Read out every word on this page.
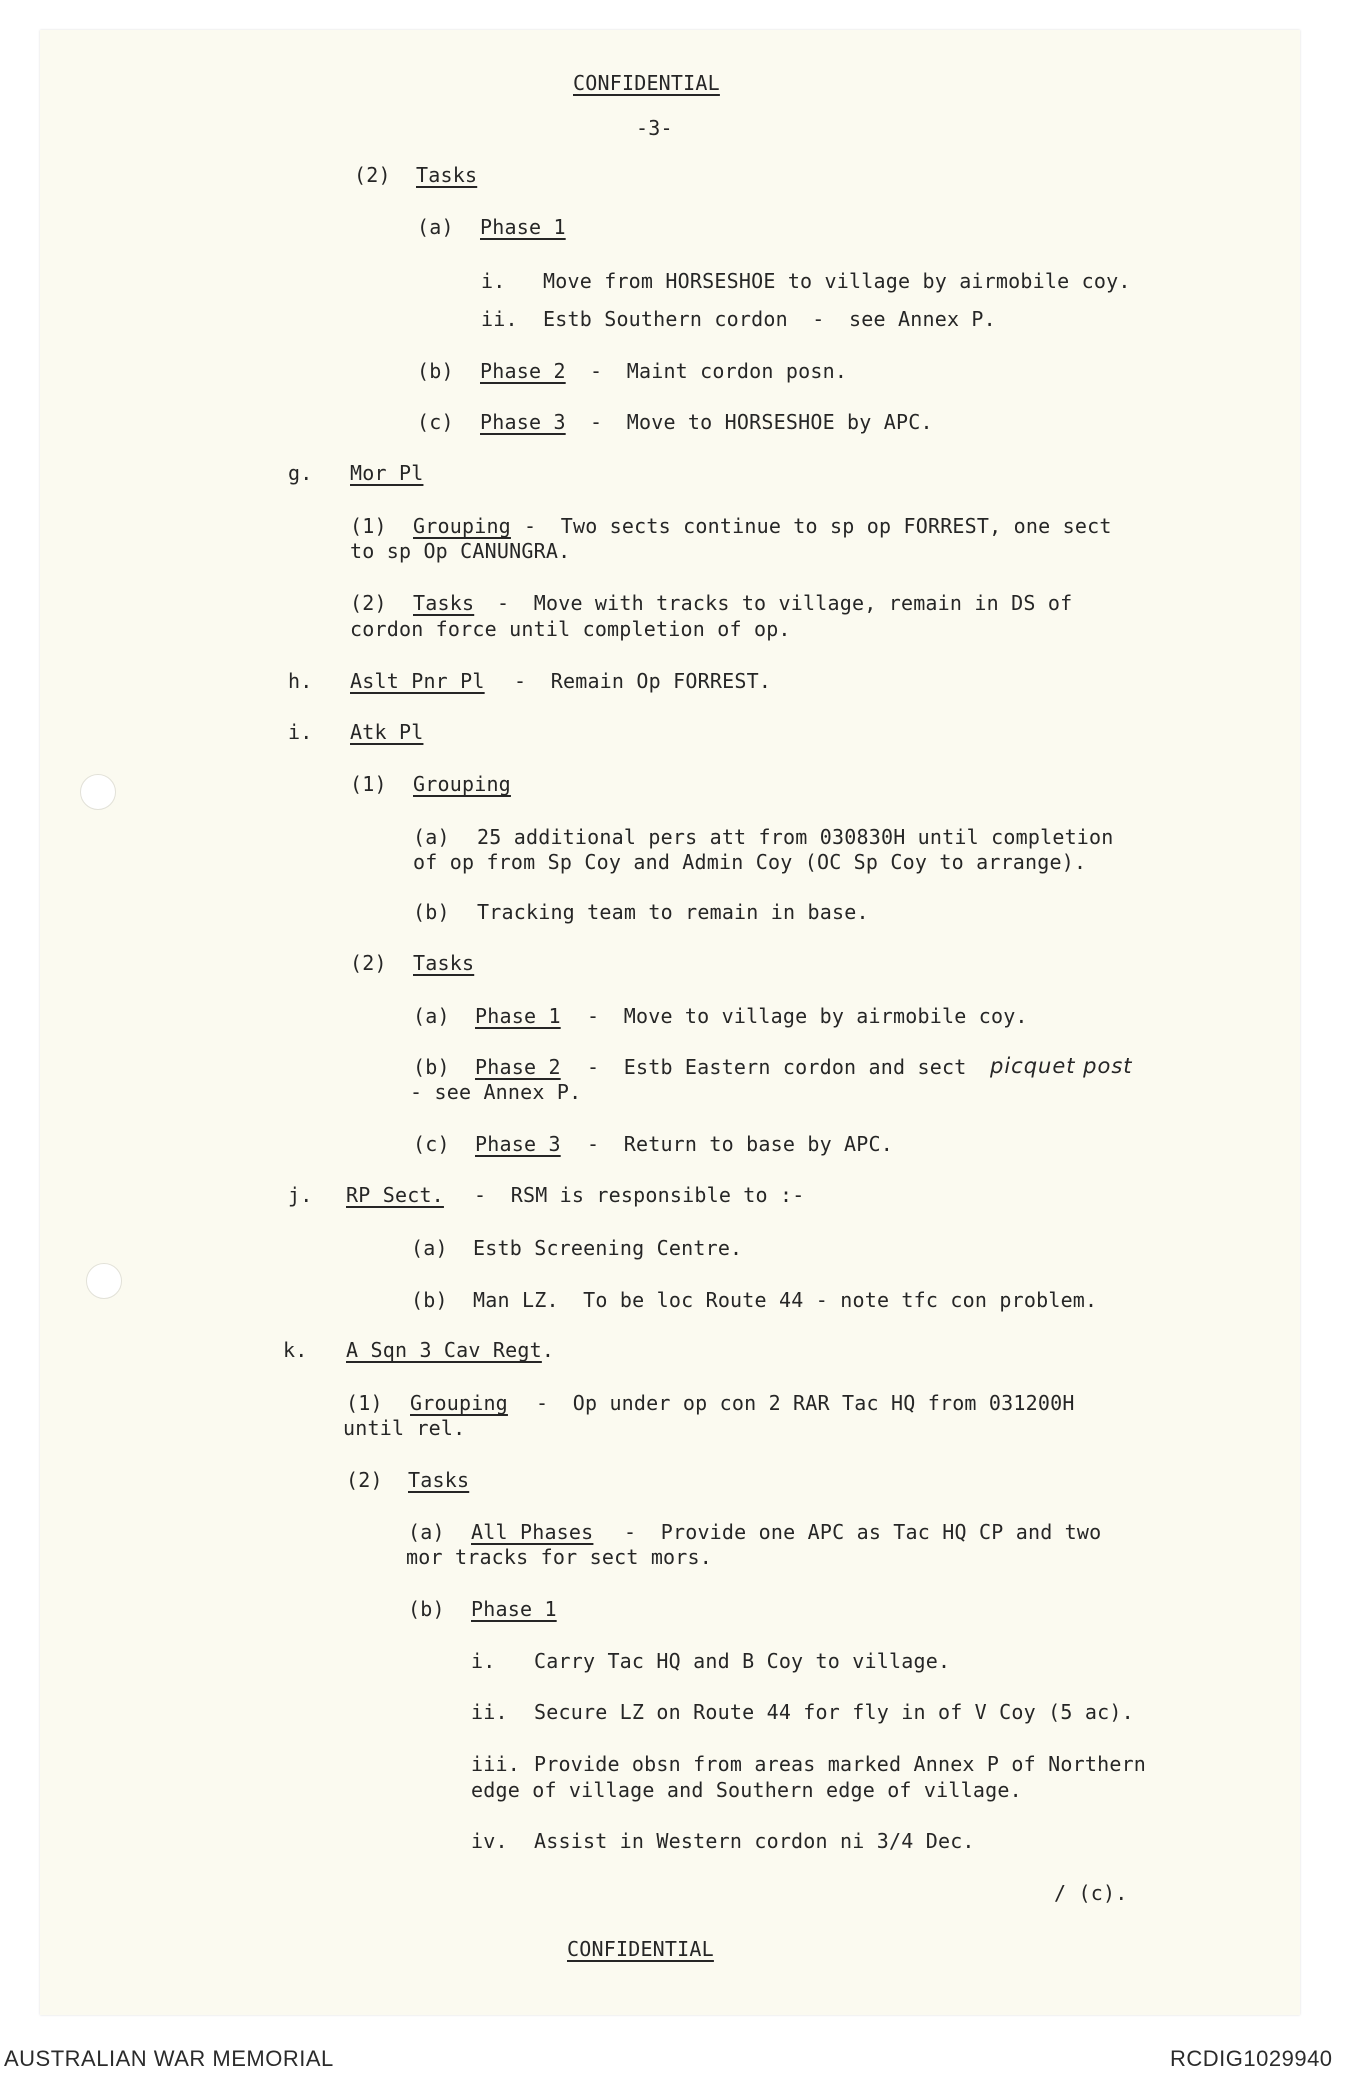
CONFIDENTIAL
-3-
(2) Tasks
(a) Phase 1
i. Move from HORSESHOE to village by airmobile coy.
ii. Estb Southern cordon  -  see Annex P.
(b) Phase 2 -  Maint cordon posn.
(c) Phase 3 -  Move to HORSESHOE by APC.
g. Mor Pl
(1) Grouping -  Two sects continue to sp op FORREST, one sect
to sp Op CANUNGRA.
(2) Tasks -  Move with tracks to village, remain in DS of
cordon force until completion of op.
h. Aslt Pnr Pl -  Remain Op FORREST.
i. Atk Pl
(1) Grouping
(a) 25 additional pers att from 030830H until completion
of op from Sp Coy and Admin Coy (OC Sp Coy to arrange).
(b) Tracking team to remain in base.
(2) Tasks
(a) Phase 1 -  Move to village by airmobile coy.
(b) Phase 2 -  Estb Eastern cordon and sect picquet post
- see Annex P.
(c) Phase 3 -  Return to base by APC.
j. RP Sect. -  RSM is responsible to :-
(a) Estb Screening Centre.
(b) Man LZ.  To be loc Route 44 - note tfc con problem.
k. A Sqn 3 Cav Regt.
(1) Grouping -  Op under op con 2 RAR Tac HQ from 031200H
until rel.
(2) Tasks
(a) All Phases -  Provide one APC as Tac HQ CP and two
mor tracks for sect mors.
(b) Phase 1
i. Carry Tac HQ and B Coy to village.
ii. Secure LZ on Route 44 for fly in of V Coy (5 ac).
iii. Provide obsn from areas marked Annex P of Northern
edge of village and Southern edge of village.
iv. Assist in Western cordon ni 3/4 Dec.
/ (c).
CONFIDENTIAL
AUSTRALIAN WAR MEMORIAL	RCDIG1029940
